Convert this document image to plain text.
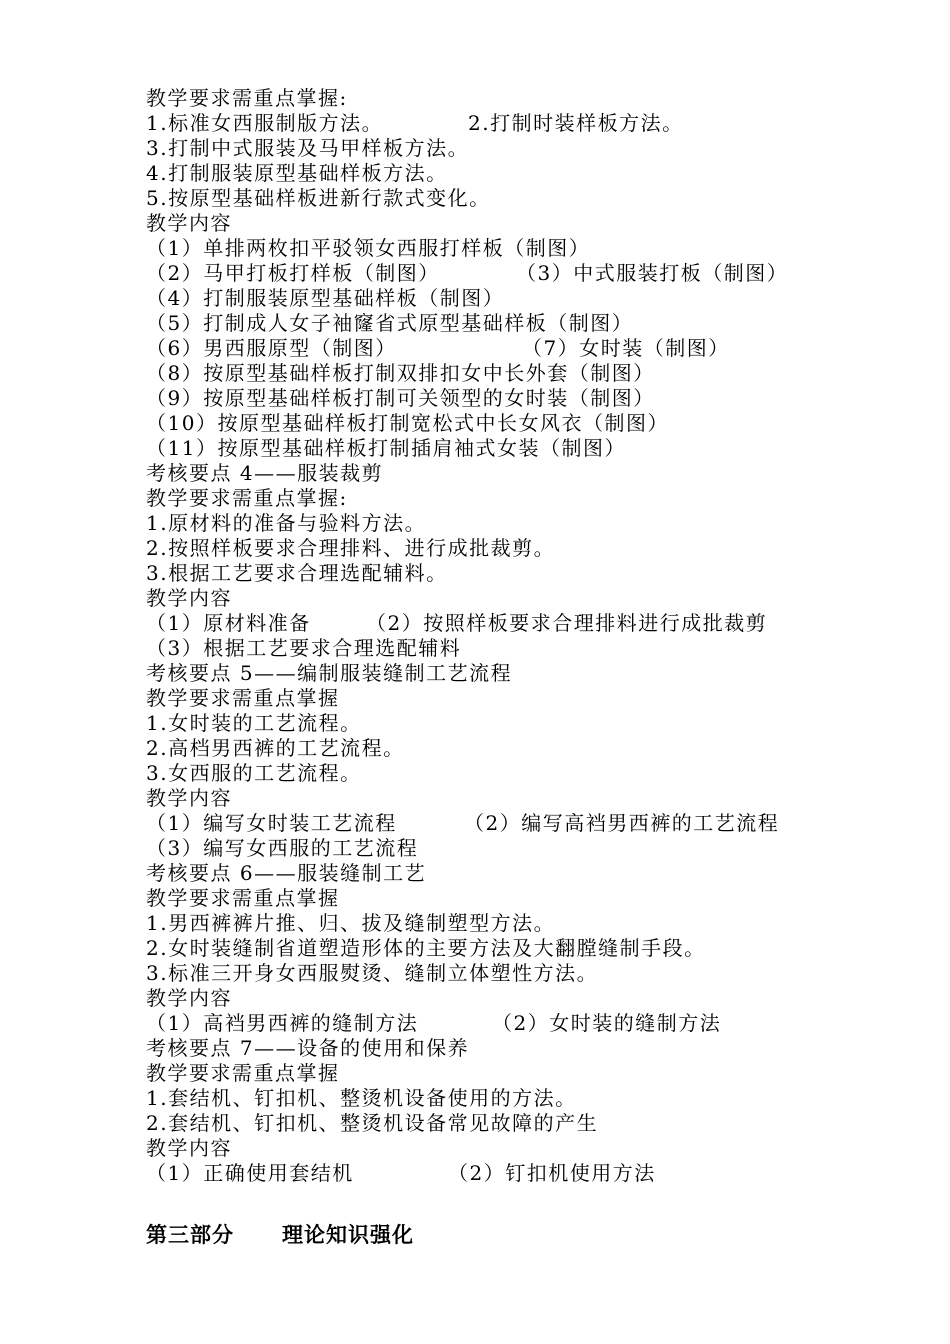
教学要求需重点掌握:
1.标准女西服制版方法。	2.打制时装样板方法。
3.打制中式服装及马甲样板方法。
4.打制服装原型基础样板方法。
5.按原型基础样板进新行款式变化。
教学内容
（1）单排两枚扣平驳领女西服打样板（制图）
（2）马甲打板打样板（制图）	（3）中式服装打板（制图）
（4）打制服装原型基础样板（制图）
（5）打制成人女子袖窿省式原型基础样板（制图）
（6）男西服原型（制图）	（7）女时装（制图）
（8）按原型基础样板打制双排扣女中长外套（制图）
（9）按原型基础样板打制可关领型的女时装（制图）
（10）按原型基础样板打制宽松式中长女风衣（制图）
（11）按原型基础样板打制插肩袖式女装（制图）
考核要点 4——服装裁剪
教学要求需重点掌握:
1.原材料的准备与验料方法。
2.按照样板要求合理排料、进行成批裁剪。
3.根据工艺要求合理选配辅料。
教学内容
（1）原材料准备	（2）按照样板要求合理排料进行成批裁剪
（3）根据工艺要求合理选配辅料
考核要点 5——编制服装缝制工艺流程
教学要求需重点掌握
1.女时装的工艺流程。
2.高档男西裤的工艺流程。
3.女西服的工艺流程。
教学内容
（1）编写女时装工艺流程	（2）编写高裆男西裤的工艺流程
（3）编写女西服的工艺流程
考核要点 6——服装缝制工艺
教学要求需重点掌握
1.男西裤裤片推、归、拔及缝制塑型方法。
2.女时装缝制省道塑造形体的主要方法及大翻膛缝制手段。
3.标准三开身女西服熨烫、缝制立体塑性方法。
教学内容
（1）高裆男西裤的缝制方法	（2）女时装的缝制方法
考核要点 7——设备的使用和保养
教学要求需重点掌握
1.套结机、钉扣机、整烫机设备使用的方法。
2.套结机、钉扣机、整烫机设备常见故障的产生
教学内容
（1）正确使用套结机	（2）钉扣机使用方法
第三部分 理论知识强化
